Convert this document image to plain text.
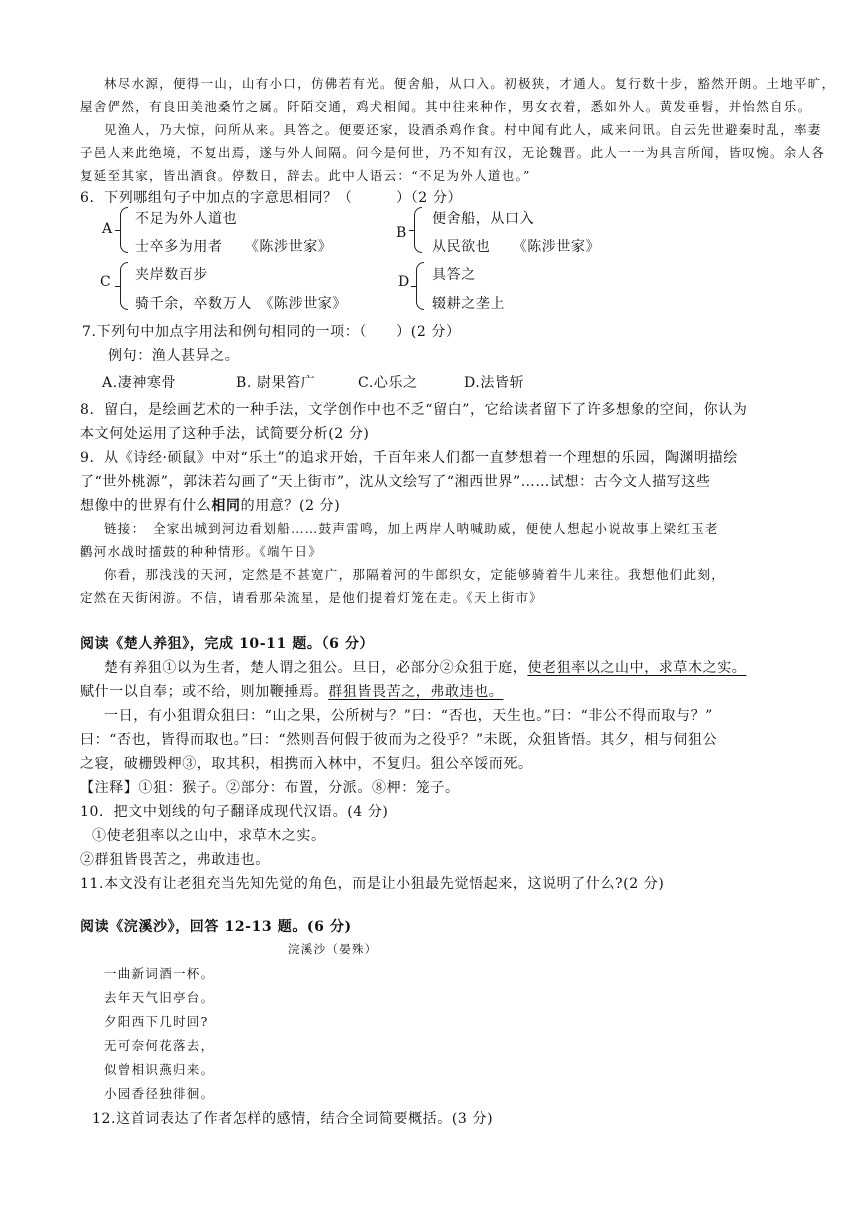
林尽水源，便得一山，山有小口，仿佛若有光。便舍船，从口入。初极狭，才通人。复行数十步，豁然开朗。土地平旷，
屋舍俨然，有良田美池桑竹之属。阡陌交通，鸡犬相闻。其中往来种作，男女衣着，悉如外人。黄发垂髫，并怡然自乐。
见渔人，乃大惊，问所从来。具答之。便要还家，设酒杀鸡作食。村中闻有此人，咸来问讯。自云先世避秦时乱，率妻
子邑人来此绝境，不复出焉，遂与外人间隔。问今是何世，乃不知有汉，无论魏晋。此人一一为具言所闻，皆叹惋。余人各
复延至其家，皆出酒食。停数日，辞去。此中人语云：“不足为外人道也。”
6．下列哪组句子中加点的字意思相同？（　　　）（2 分）
A
不足为外人道也
士卒多为用者　　《陈涉世家》
B
便舍船，从口入
从民欲也　　《陈涉世家》
C 夹岸数百步
骑千余，卒数万人　《陈涉世家》
D 具答之
辍耕之垄上
7.下列句中加点字用法和例句相同的一项：（　　）(2 分）
例句：渔人甚异之。
A.凄神寒骨	B. 尉果笞广	C.心乐之	D.法皆斩
8．留白，是绘画艺术的一种手法，文学创作中也不乏“留白”，它给读者留下了许多想象的空间，你认为
本文何处运用了这种手法，试简要分析(2 分)
9．从《诗经·硕鼠》中对“乐土”的追求开始，千百年来人们都一直梦想着一个理想的乐园，陶渊明描绘
了“世外桃源”，郭沫若勾画了“天上街市”，沈从文绘写了“湘西世界”……试想：古今文人描写这些
想像中的世界有什么相同的用意？(2 分)
链接：　全家出城到河边看划船……鼓声雷鸣，加上两岸人呐喊助威，便使人想起小说故事上梁红玉老
鹳河水战时擂鼓的种种情形。《端午日》
你看，那浅浅的天河，定然是不甚宽广，那隔着河的牛郎织女，定能够骑着牛儿来往。我想他们此刻，
定然在天街闲游。不信，请看那朵流星，是他们提着灯笼在走。《天上街市》
阅读《楚人养狙》，完成 10-11 题。（6 分）
楚有养狙①以为生者，楚人谓之狙公。旦日，必部分②众狙于庭，使老狙率以之山中，求草木之实。
赋什一以自奉；或不给，则加鞭捶焉。群狙皆畏苦之，弗敢违也。
一日，有小狙谓众狙曰：“山之果，公所树与？”曰：“否也，天生也。”曰：“非公不得而取与？”
曰：“否也，皆得而取也。”曰：“然则吾何假于彼而为之役乎？”未既，众狙皆悟。其夕，相与伺狙公
之寝，破栅毁柙③，取其积，相携而入林中，不复归。狙公卒馁而死。
【注释】①狙：猴子。②部分：布置，分派。⑧柙：笼子。
10．把文中划线的句子翻译成现代汉语。(4 分)
①使老狙率以之山中，求草木之实。
②群狙皆畏苦之，弗敢违也。
11.本文没有让老狙充当先知先觉的角色，而是让小狙最先觉悟起来，这说明了什么?(2 分)
阅读《浣溪沙》，回答 12-13 题。(6 分)
浣溪沙（晏殊）
一曲新词酒一杯。
去年天气旧亭台。
夕阳西下几时回?
无可奈何花落去，
似曾相识燕归来。
小园香径独徘徊。
12.这首词表达了作者怎样的感情，结合全词简要概括。(3 分)
